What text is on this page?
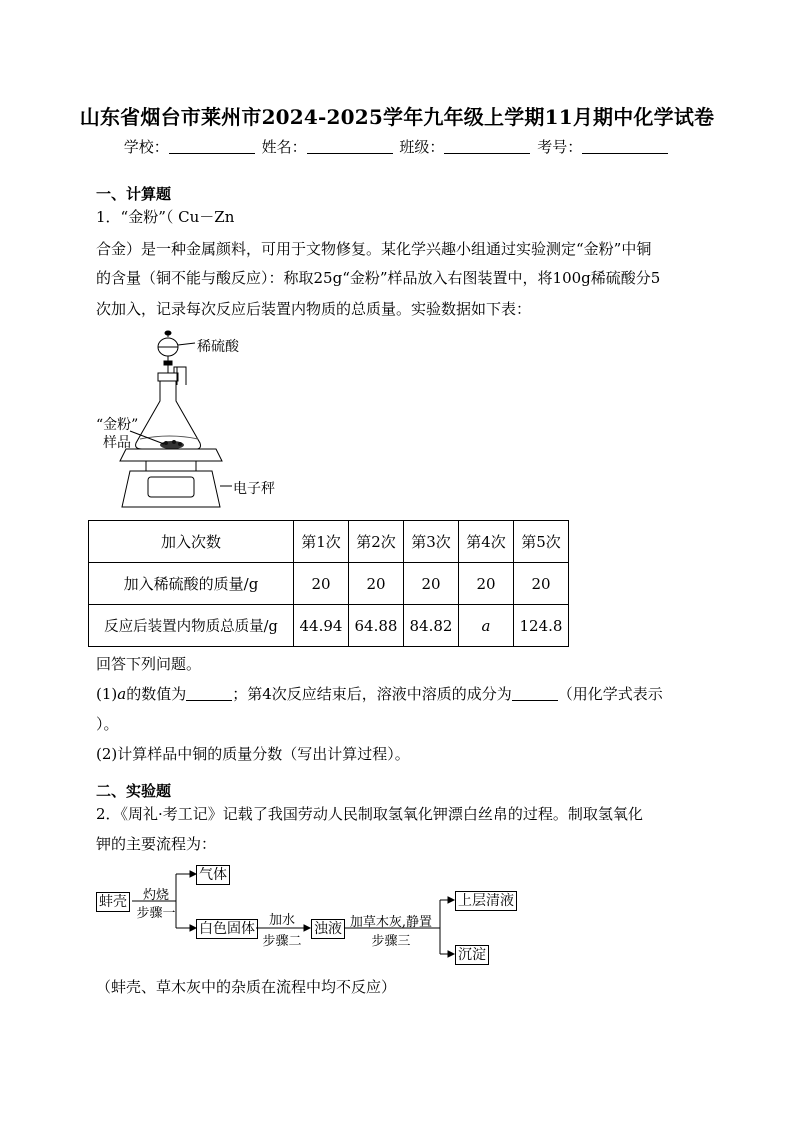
山东省烟台市莱州市2024-2025学年九年级上学期11月期中化学试卷
学校：	姓名：	班级：	考号：
一、计算题
1．“金粉”（ Cu－Zn
合金）是一种金属颜料，可用于文物修复。某化学兴趣小组通过实验测定“金粉”中铜
的含量（铜不能与酸反应）：称取25g“金粉”样品放入右图装置中，将100g稀硫酸分5
次加入，记录每次反应后装置内物质的总质量。实验数据如下表：
稀硫酸
“金粉”
样品
电子秤
加入次数	第1次	第2次	第3次	第4次	第5次
加入稀硫酸的质量/g	20	20	20	20	20
反应后装置内物质总质量/g	44.94	64.88	84.82	a	124.8
回答下列问题。
(1)a的数值为	；第4次反应结束后，溶液中溶质的成分为	（用化学式表示
）。
(2)计算样品中铜的质量分数（写出计算过程）。
二、实验题
2．《周礼·考工记》记载了我国劳动人民制取氢氧化钾漂白丝帛的过程。制取氢氧化
钾的主要流程为：
蚌壳	灼烧
步骤一
气体
白色固体
加水
步骤二
浊液 加草木灰,静置
步骤三
上层清液
沉淀
（蚌壳、草木灰中的杂质在流程中均不反应）
